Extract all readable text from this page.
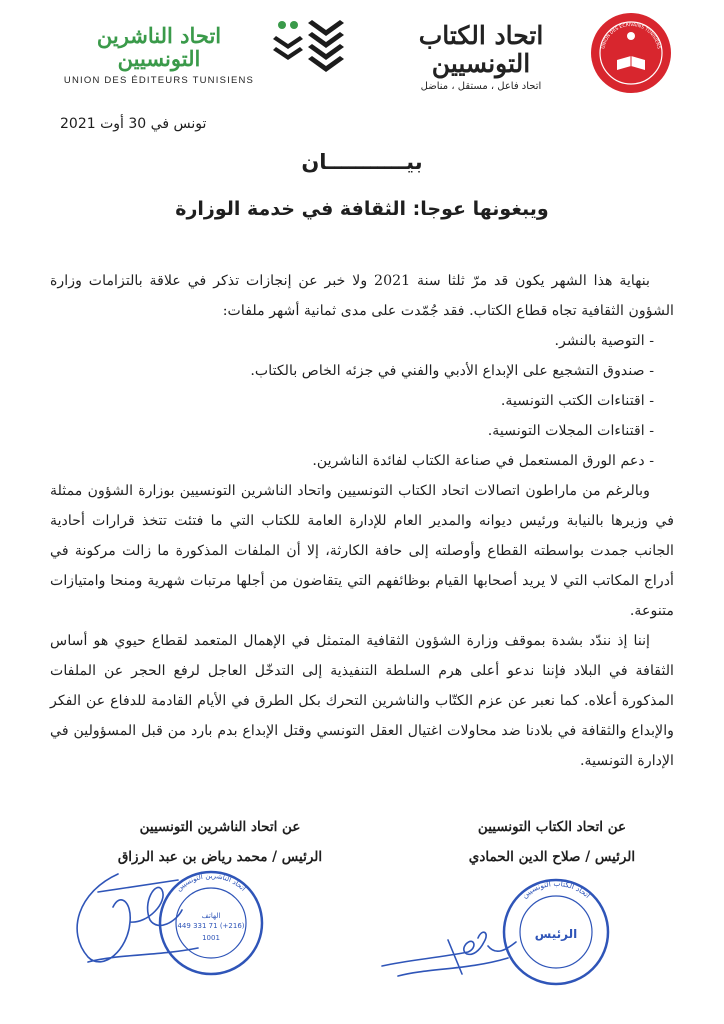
UNION DES ECRIVAINS TUNISIENS
اتحاد الكتاب التونسيين
اتحاد فاعل ، مستقل ، مناضل
اتحاد الناشرين التونسيين
UNION DES ÉDITEURS TUNISIENS
تونس في 30 أوت 2021
بيـــــــــــان
ويبغونها عوجا: الثقافة في خدمة الوزارة

بنهاية هذا الشهر يكون قد مرّ ثلثا سنة 2021 ولا خبر عن إنجازات تذكر في علاقة بالتزامات وزارة الشؤون الثقافية تجاه قطاع الكتاب. فقد جُمّدت على مدى ثمانية أشهر ملفات:

- التوصية بالنشر.

- صندوق التشجيع على الإبداع الأدبي والفني في جزئه الخاص بالكتاب.

- اقتناءات الكتب التونسية.

- اقتناءات المجلات التونسية.

- دعم الورق المستعمل في صناعة الكتاب لفائدة الناشرين.

وبالرغم من ماراطون اتصالات اتحاد الكتاب التونسيين واتحاد الناشرين التونسيين بوزارة الشؤون ممثلة في وزيرها بالنيابة ورئيس ديوانه والمدير العام للإدارة العامة للكتاب التي ما فتئت تتخذ قرارات أحادية الجانب جمدت بواسطته القطاع وأوصلته إلى حافة الكارثة، إلا أن الملفات المذكورة ما زالت مركونة في أدراج المكاتب التي لا يريد أصحابها القيام بوظائفهم التي يتقاضون من أجلها مرتبات شهرية ومنحا وامتيازات متنوعة.

إننا إذ نندّد بشدة بموقف وزارة الشؤون الثقافية المتمثل في الإهمال المتعمد لقطاع حيوي هو أساس الثقافة في البلاد فإننا ندعو أعلى هرم السلطة التنفيذية إلى التدخّل العاجل لرفع الحجر عن الملفات المذكورة أعلاه. كما نعبر عن عزم الكتّاب والناشرين التحرك بكل الطرق في الأيام القادمة للدفاع عن الفكر والإبداع والثقافة في بلادنا ضد محاولات اغتيال العقل التونسي وقتل الإبداع بدم بارد من قبل المسؤولين في الإدارة التونسية.

عن اتحاد الكتاب التونسيين
الرئيس / صلاح الدين الحمادي
عن اتحاد الناشرين التونسيين
الرئيس / محمد رياض بن عبد الرزاق
اتحاد الناشرين التونسيين
الهاتف
(216+) 71 331 449
1001
اتحاد الكتاب التونسيين
الرئيس
